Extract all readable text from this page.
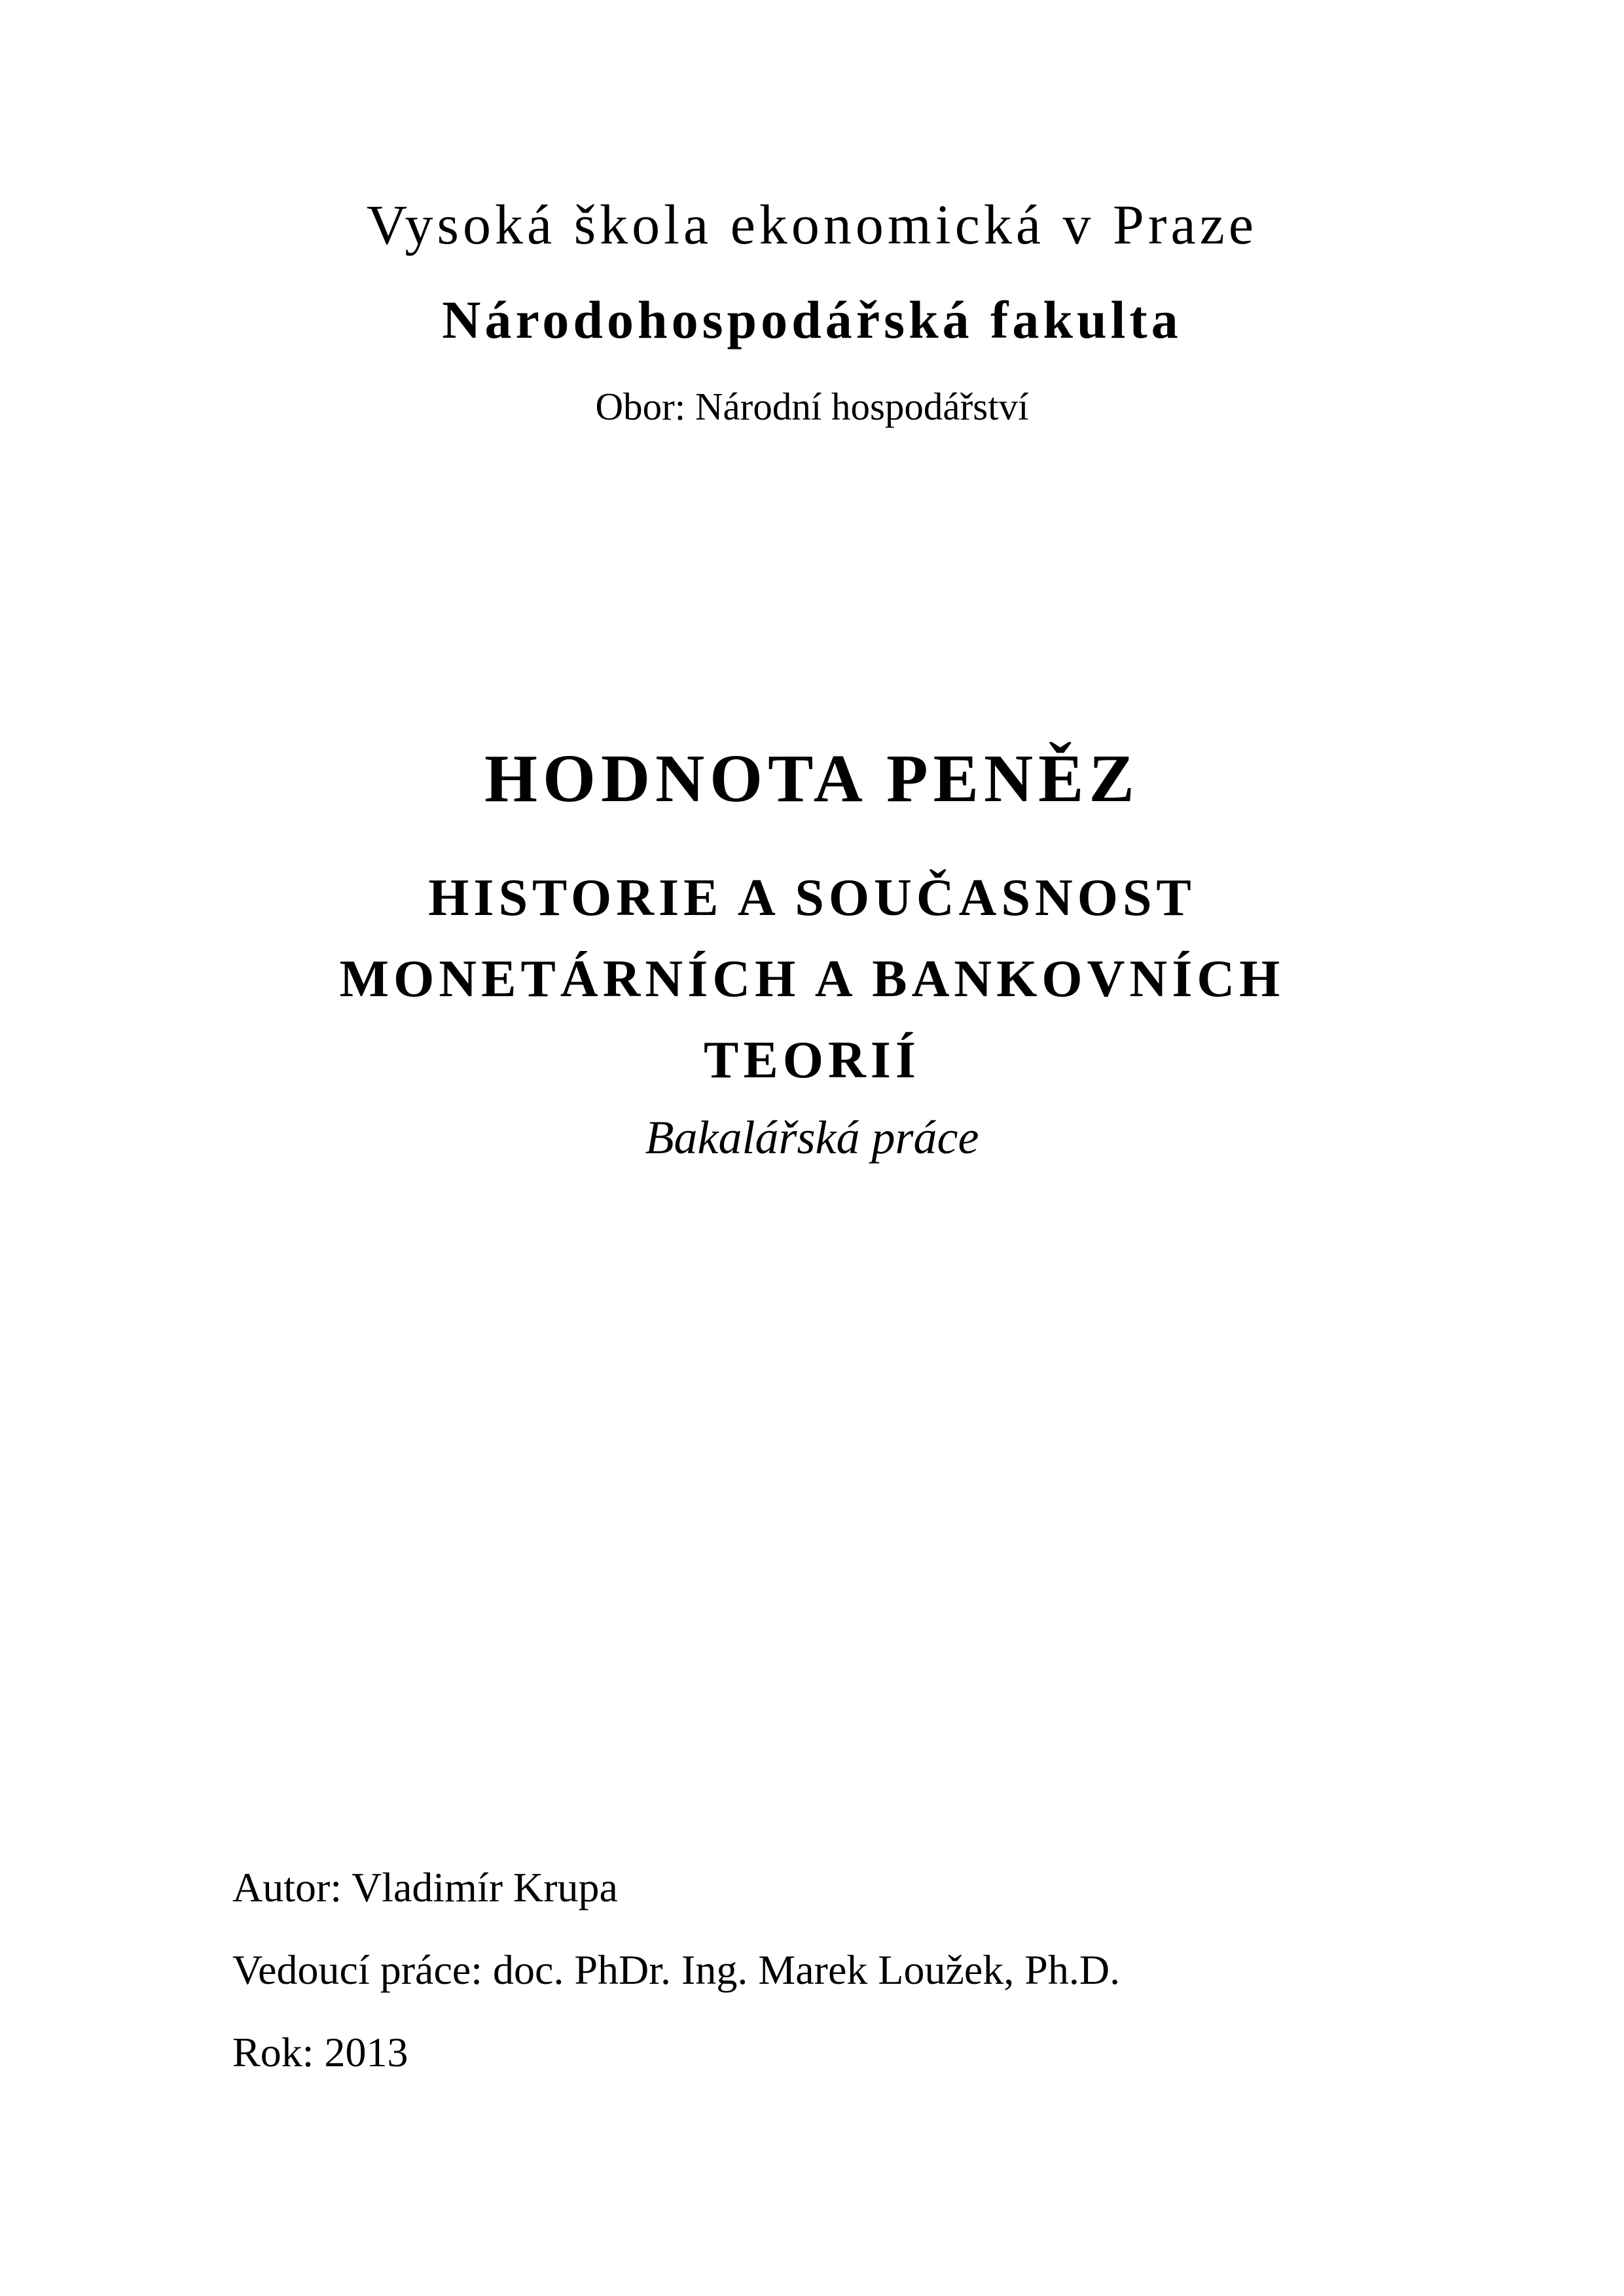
Vysoká škola ekonomická v Praze
Národohospodářská fakulta
Obor: Národní hospodářství
HODNOTA PENĚZ
HISTORIE A SOUČASNOST
MONETÁRNÍCH A BANKOVNÍCH
TEORIÍ
Bakalářská práce
Autor: Vladimír Krupa
Vedoucí práce: doc. PhDr. Ing. Marek Loužek, Ph.D.
Rok: 2013
